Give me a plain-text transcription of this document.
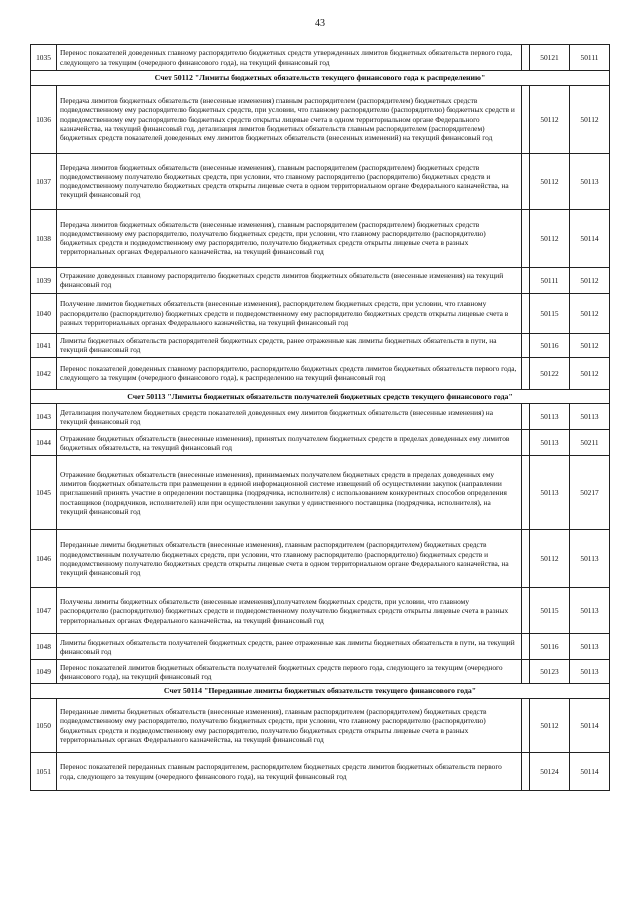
43
1035	Перенос показателей доведенных главному распорядителю бюджетных средств утвержденных лимитов бюджетных обязательств первого года, следующего за текущим (очередного финансового года), на текущий финансовый год		50121	50111
Счет 50112 "Лимиты бюджетных обязательств текущего финансового года к распределению"				
1036	Передача лимитов бюджетных обязательств (внесенные изменения) главным распорядителем (распорядителем) бюджетных средств подведомственному ему распорядителю бюджетных средств, при условии, что главному распорядителю (распорядителю) бюджетных средств и подведомственному ему распорядителю бюджетных средств открыты лицевые счета в одном территориальном органе Федерального казначейства, на текущий финансовый год, детализация лимитов бюджетных обязательств главным распорядителем (распорядителем) бюджетных средств показателей доведенных ему лимитов бюджетных обязательств (внесенных изменений) на текущий финансовый год		50112	50112
1037	Передача лимитов бюджетных обязательств (внесенные изменения), главным распорядителем (распорядителем) бюджетных средств подведомственному получателю бюджетных средств, при условии, что главному распорядителю (распорядителю) бюджетных средств и подведомственному получателю бюджетных средств открыты лицевые счета в одном территориальном органе Федерального казначейства, на текущий финансовый год		50112	50113
1038	Передача лимитов бюджетных обязательств (внесенные изменения), главным распорядителем (распорядителем) бюджетных средств подведомственному ему распорядителю, получателю бюджетных средств, при условии, что главному распорядителю (распорядителю) бюджетных средств и подведомственному ему распорядителю, получателю бюджетных средств открыты лицевые счета в разных территориальных органах Федерального казначейства, на текущий финансовый год		50112	50114
1039	Отражение доведенных главному распорядителю бюджетных средств лимитов бюджетных обязательств (внесенные изменения) на текущий финансовый год		50111	50112
1040	Получение лимитов бюджетных обязательств (внесенные изменения), распорядителем бюджетных средств, при условии, что главному распорядителю (распорядителю) бюджетных средств и подведомственному ему распорядителю бюджетных средств открыты лицевые счета в разных территориальных органах Федерального казначейства, на текущий финансовый год		50115	50112
1041	Лимиты бюджетных обязательств распорядителей бюджетных средств, ранее отраженные как лимиты бюджетных обязательств в пути, на текущий финансовый год		50116	50112
1042	Перенос показателей доведенных главному распорядителю, распорядителю бюджетных средств лимитов бюджетных обязательств первого года, следующего за текущим (очередного финансового года), к распределению на текущий финансовый год		50122	50112
Счет 50113 "Лимиты бюджетных обязательств получателей бюджетных средств текущего финансового года"				
1043	Детализация получателем бюджетных средств показателей доведенных ему лимитов бюджетных обязательств (внесенные изменения) на текущий финансовый год		50113	50113
1044	Отражение бюджетных обязательств (внесенные изменения), принятых получателем бюджетных средств в пределах доведенных ему лимитов бюджетных обязательств, на текущий финансовый год		50113	50211
1045	Отражение бюджетных обязательств (внесенные изменения), принимаемых получателем бюджетных средств в пределах доведенных ему лимитов бюджетных обязательств при размещении в единой информационной системе извещений об осуществлении закупок (направлении приглашений принять участие в определении поставщика (подрядчика, исполнителя) с использованием конкурентных способов определения поставщиков (подрядчиков, исполнителей) или при осуществлении закупки у единственного поставщика (подрядчика, исполнителя), на текущий финансовый год		50113	50217
1046	Переданные лимиты бюджетных обязательств (внесенные изменения), главным распорядителем (распорядителем) бюджетных средств подведомственным получателю бюджетных средств, при условии, что главному распорядителю (распорядителю) бюджетных средств и подведомственному получателю бюджетных средств открыты лицевые счета в одном территориальном органе Федерального казначейства, на текущий финансовый год		50112	50113
1047	Получены лимиты бюджетных обязательств (внесенные изменения),получателем бюджетных средств, при условии, что главному распорядителю (распорядителю) бюджетных средств и подведомственному получателю бюджетных средств открыты лицевые счета в разных территориальных органах Федерального казначейства, на текущий финансовый год		50115	50113
1048	Лимиты бюджетных обязательств получателей бюджетных средств, ранее отраженные как лимиты бюджетных обязательств в пути, на текущий финансовый год		50116	50113
1049	Перенос показателей лимитов бюджетных обязательств получателей бюджетных средств первого года, следующего за текущим (очередного финансового года), на текущий финансовый год		50123	50113
Счет 50114 "Переданные лимиты бюджетных обязательств текущего финансового года"				
1050	Переданные лимиты бюджетных обязательств (внесенные изменения), главным распорядителем (распорядителем) бюджетных средств подведомственному ему распорядителю, получателю бюджетных средств, при условии, что главному распорядителю (распорядителю) бюджетных средств и подведомственному ему распорядителю, получателю бюджетных средств открыты лицевые счета в разных территориальных органах Федерального казначейства, на текущий финансовый год		50112	50114
1051	Перенос показателей переданных главным распорядителем, распорядителем бюджетных средств лимитов бюджетных обязательств первого года, следующего за текущим (очередного финансового года), на текущий финансовый год		50124	50114
